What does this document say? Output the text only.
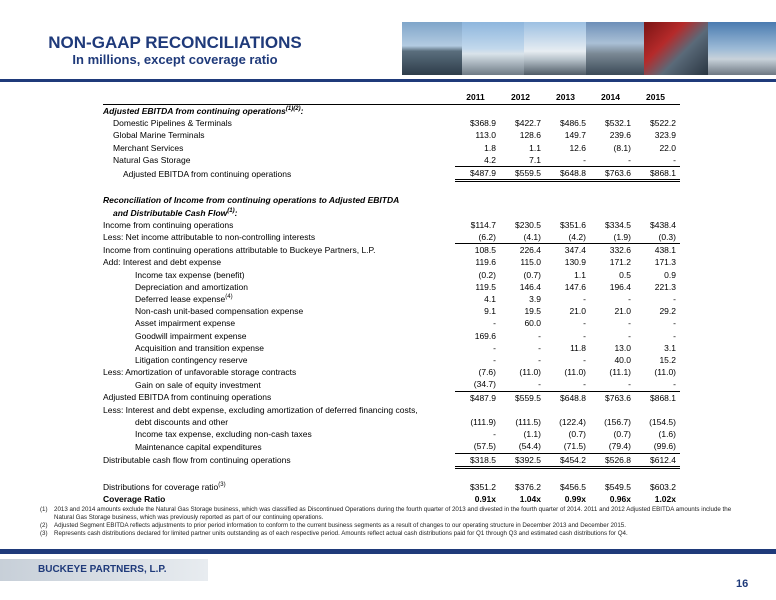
NON-GAAP RECONCILIATIONS
In millions, except coverage ratio
	2011	2012	2013	2014	2015
Adjusted EBITDA from continuing operations$^{(1)(2)}$:					
Domestic Pipelines & Terminals	$368.9	$422.7	$486.5	$532.1	$522.2
Global Marine Terminals	113.0	128.6	149.7	239.6	323.9
Merchant Services	1.8	1.1	12.6	(8.1)	22.0
Natural Gas Storage	4.2	7.1	-	-	-
Adjusted EBITDA from continuing operations	$487.9	$559.5	$648.8	$763.6	$868.1

Reconciliation of Income from continuing operations to Adjusted EBITDA					
and Distributable Cash Flow$^{(1)}$:					
Income from continuing operations	$114.7	$230.5	$351.6	$334.5	$438.4
Less: Net income attributable to non-controlling interests	(6.2)	(4.1)	(4.2)	(1.9)	(0.3)
Income from continuing operations attributable to Buckeye Partners, L.P.	108.5	226.4	347.4	332.6	438.1
Add: Interest and debt expense	119.6	115.0	130.9	171.2	171.3
Income tax expense (benefit)	(0.2)	(0.7)	1.1	0.5	0.9
Depreciation and amortization	119.5	146.4	147.6	196.4	221.3
Deferred lease expense$^{(4)}$	4.1	3.9	-	-	-
Non-cash unit-based compensation expense	9.1	19.5	21.0	21.0	29.2
Asset impairment expense	-	60.0	-	-	-
Goodwill impairment expense	169.6	-	-	-	-
Acquisition and transition expense	-	-	11.8	13.0	3.1
Litigation contingency reserve	-	-	-	40.0	15.2
Less: Amortization of unfavorable storage contracts	(7.6)	(11.0)	(11.0)	(11.1)	(11.0)
Gain on sale of equity investment	(34.7)	-	-	-	-
Adjusted EBITDA from continuing operations	$487.9	$559.5	$648.8	$763.6	$868.1
Less: Interest and debt expense, excluding amortization of deferred financing costs,					
debt discounts and other	(111.9)	(111.5)	(122.4)	(156.7)	(154.5)
Income tax expense, excluding non-cash taxes	-	(1.1)	(0.7)	(0.7)	(1.6)
Maintenance capital expenditures	(57.5)	(54.4)	(71.5)	(79.4)	(99.6)
Distributable cash flow from continuing operations	$318.5	$392.5	$454.2	$526.8	$612.4

Distributions for coverage ratio$^{(3)}$	$351.2	$376.2	$456.5	$549.5	$603.2
Coverage Ratio	0.91x	1.04x	0.99x	0.96x	1.02x
(1)	2013 and 2014 amounts exclude the Natural Gas Storage business, which was classified as Discontinued Operations during the fourth quarter of 2013 and divested in the fourth quarter of 2014. 2011 and 2012 Adjusted EBITDA amounts include the Natural Gas Storage business, which was previously reported as part of our continuing operations.
(2)	Adjusted Segment EBITDA reflects adjustments to prior period information to conform to the current business segments as a result of changes to our operating structure in December 2013 and December 2015.
(3)	Represents cash distributions declared for limited partner units outstanding as of each respective period. Amounts reflect actual cash distributions paid for Q1 through Q3 and estimated cash distributions for Q4.
BUCKEYE PARTNERS, L.P.
16
